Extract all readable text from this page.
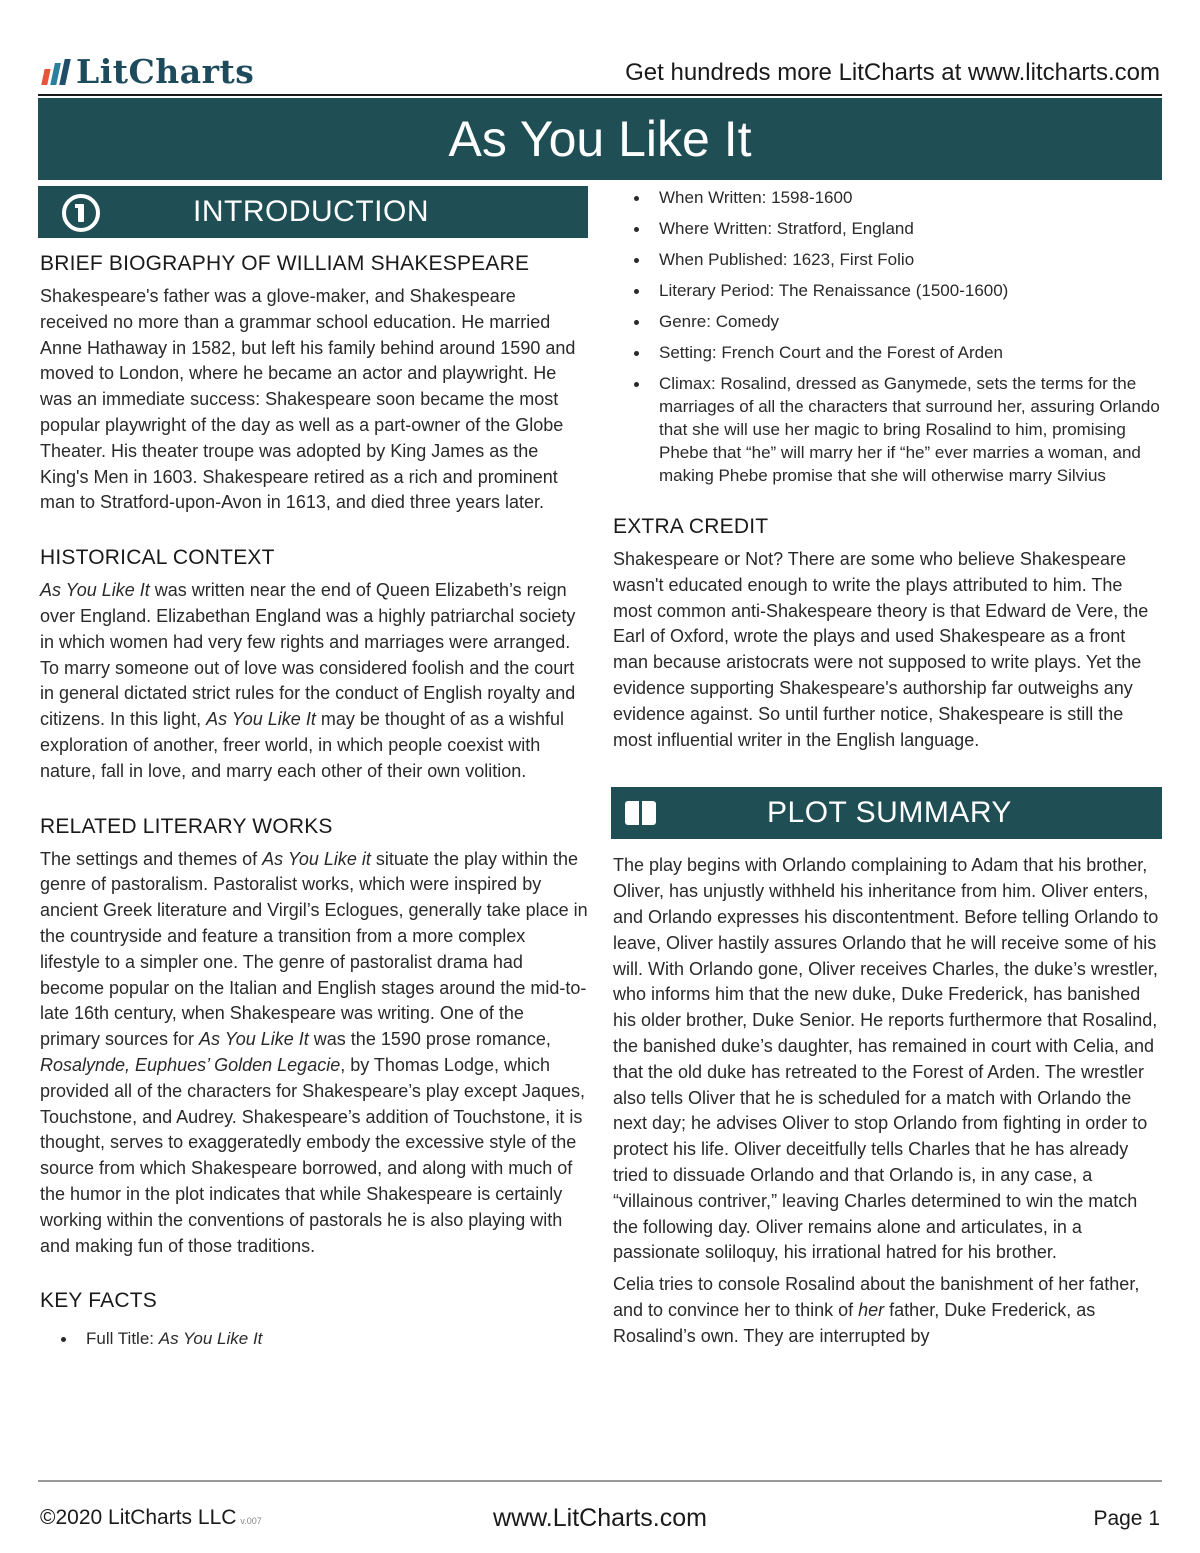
LitCharts	Get hundreds more LitCharts at www.litcharts.com
As You Like It
INTRODUCTION
BRIEF BIOGRAPHY OF WILLIAM SHAKESPEARE

Shakespeare's father was a glove-maker, and Shakespeare received no more than a grammar school education. He married Anne Hathaway in 1582, but left his family behind around 1590 and moved to London, where he became an actor and playwright. He was an immediate success: Shakespeare soon became the most popular playwright of the day as well as a part-owner of the Globe Theater. His theater troupe was adopted by King James as the King's Men in 1603. Shakespeare retired as a rich and prominent man to Stratford-upon-Avon in 1613, and died three years later.

HISTORICAL CONTEXT

As You Like It was written near the end of Queen Elizabeth’s reign over England. Elizabethan England was a highly patriarchal society in which women had very few rights and marriages were arranged. To marry someone out of love was considered foolish and the court in general dictated strict rules for the conduct of English royalty and citizens. In this light, As You Like It may be thought of as a wishful exploration of another, freer world, in which people coexist with nature, fall in love, and marry each other of their own volition.

RELATED LITERARY WORKS

The settings and themes of As You Like it situate the play within the genre of pastoralism. Pastoralist works, which were inspired by ancient Greek literature and Virgil’s Eclogues, generally take place in the countryside and feature a transition from a more complex lifestyle to a simpler one. The genre of pastoralist drama had become popular on the Italian and English stages around the mid-to-late 16th century, when Shakespeare was writing. One of the primary sources for As You Like It was the 1590 prose romance, Rosalynde, Euphues’ Golden Legacie, by Thomas Lodge, which provided all of the characters for Shakespeare’s play except Jaques, Touchstone, and Audrey. Shakespeare’s addition of Touchstone, it is thought, serves to exaggeratedly embody the excessive style of the source from which Shakespeare borrowed, and along with much of the humor in the plot indicates that while Shakespeare is certainly working within the conventions of pastorals he is also playing with and making fun of those traditions.

KEY FACTS
Full Title: As You Like It
When Written: 1598-1600
Where Written: Stratford, England
When Published: 1623, First Folio
Literary Period: The Renaissance (1500-1600)
Genre: Comedy
Setting: French Court and the Forest of Arden
Climax: Rosalind, dressed as Ganymede, sets the terms for the marriages of all the characters that surround her, assuring Orlando that she will use her magic to bring Rosalind to him, promising Phebe that “he” will marry her if “he” ever marries a woman, and making Phebe promise that she will otherwise marry Silvius
EXTRA CREDIT

Shakespeare or Not? There are some who believe Shakespeare wasn't educated enough to write the plays attributed to him. The most common anti-Shakespeare theory is that Edward de Vere, the Earl of Oxford, wrote the plays and used Shakespeare as a front man because aristocrats were not supposed to write plays. Yet the evidence supporting Shakespeare's authorship far outweighs any evidence against. So until further notice, Shakespeare is still the most influential writer in the English language.

PLOT SUMMARY

The play begins with Orlando complaining to Adam that his brother, Oliver, has unjustly withheld his inheritance from him. Oliver enters, and Orlando expresses his discontentment. Before telling Orlando to leave, Oliver hastily assures Orlando that he will receive some of his will. With Orlando gone, Oliver receives Charles, the duke’s wrestler, who informs him that the new duke, Duke Frederick, has banished his older brother, Duke Senior. He reports furthermore that Rosalind, the banished duke’s daughter, has remained in court with Celia, and that the old duke has retreated to the Forest of Arden. The wrestler also tells Oliver that he is scheduled for a match with Orlando the next day; he advises Oliver to stop Orlando from fighting in order to protect his life. Oliver deceitfully tells Charles that he has already tried to dissuade Orlando and that Orlando is, in any case, a “villainous contriver,” leaving Charles determined to win the match the following day. Oliver remains alone and articulates, in a passionate soliloquy, his irrational hatred for his brother.

Celia tries to console Rosalind about the banishment of her father, and to convince her to think of her father, Duke Frederick, as Rosalind’s own. They are interrupted by

©2020 LitCharts LLC v.007	www.LitCharts.com	Page 1
